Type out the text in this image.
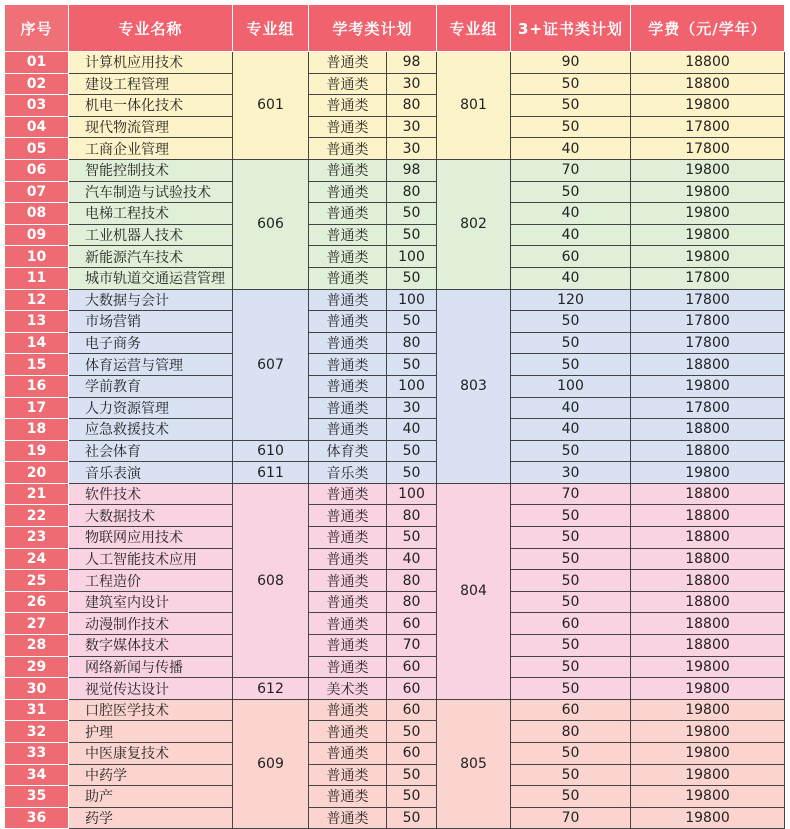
序号	专业名称	专业组	学考类计划		专业组	3+证书类计划	学费（元/学年）
01	计算机应用技术	601	普通类	98	801	90	18800
02	建设工程管理		普通类	30		50	18800
03	机电一体化技术		普通类	80		50	19800
04	现代物流管理		普通类	30		50	17800
05	工商企业管理		普通类	30		40	17800
06	智能控制技术	606	普通类	98	802	70	19800
07	汽车制造与试验技术		普通类	80		50	19800
08	电梯工程技术		普通类	50		40	19800
09	工业机器人技术		普通类	50		40	19800
10	新能源汽车技术		普通类	100		60	19800
11	城市轨道交通运营管理		普通类	50		40	17800
12	大数据与会计	607	普通类	100	803	120	17800
13	市场营销		普通类	50		50	17800
14	电子商务		普通类	80		50	17800
15	体育运营与管理		普通类	50		50	18800
16	学前教育		普通类	100		100	19800
17	人力资源管理		普通类	30		40	17800
18	应急救援技术		普通类	40		40	18800
19	社会体育	610	体育类	50		50	18800
20	音乐表演	611	音乐类	50		30	19800
21	软件技术	608	普通类	100	804	70	18800
22	大数据技术		普通类	80		50	18800
23	物联网应用技术		普通类	50		50	18800
24	人工智能技术应用		普通类	40		50	18800
25	工程造价		普通类	80		50	18800
26	建筑室内设计		普通类	80		50	18800
27	动漫制作技术		普通类	60		60	18800
28	数字媒体技术		普通类	70		50	18800
29	网络新闻与传播		普通类	60		50	19800
30	视觉传达设计	612	美术类	60		50	19800
31	口腔医学技术	609	普通类	60	805	60	19800
32	护理		普通类	50		80	19800
33	中医康复技术		普通类	60		50	19800
34	中药学		普通类	50		50	19800
35	助产		普通类	50		50	19800
36	药学		普通类	50		70	19800
